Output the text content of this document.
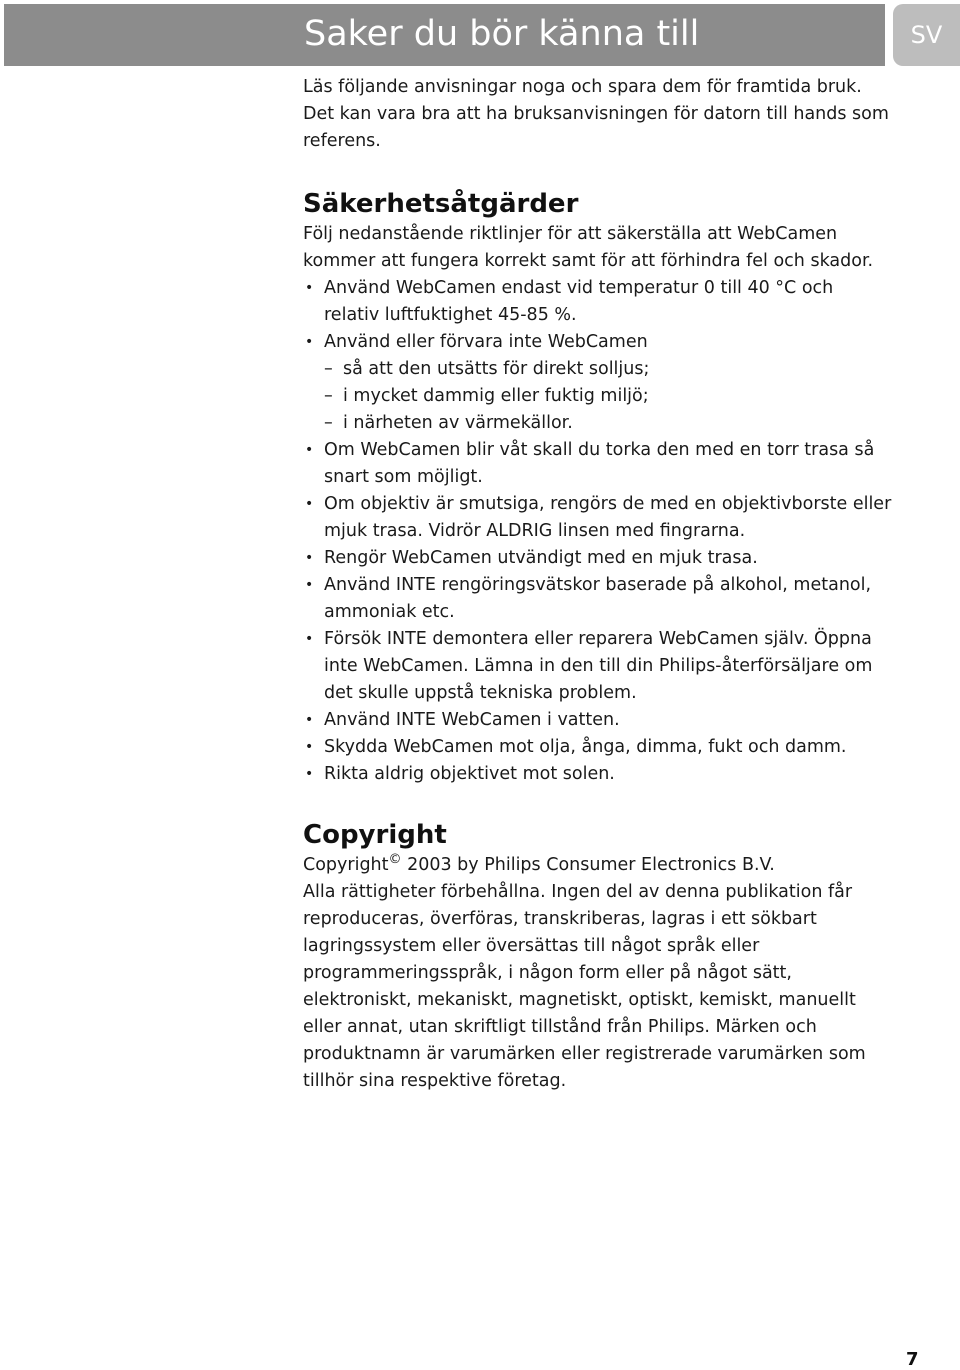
Saker du bör känna till	SV

Läs följande anvisningar noga och spara dem för framtida bruk. Det kan vara bra att ha bruksanvisningen för datorn till hands som referens.

Säkerhetsåtgärder

Följ nedanstående riktlinjer för att säkerställa att WebCamen kommer att fungera korrekt samt för att förhindra fel och skador.

• Använd WebCamen endast vid temperatur 0 till 40 °C och relativ luftfuktighet 45-85 %.
• Använd eller förvara inte WebCamen
– så att den utsätts för direkt solljus;
– i mycket dammig eller fuktig miljö;
– i närheten av värmekällor.
• Om WebCamen blir våt skall du torka den med en torr trasa så snart som möjligt.
• Om objektiv är smutsiga, rengörs de med en objektivborste eller mjuk trasa. Vidrör ALDRIG linsen med fingrarna.
• Rengör WebCamen utvändigt med en mjuk trasa.
• Använd INTE rengöringsvätskor baserade på alkohol, metanol, ammoniak etc.
• Försök INTE demontera eller reparera WebCamen själv. Öppna inte WebCamen. Lämna in den till din Philips-återförsäljare om det skulle uppstå tekniska problem.
• Använd INTE WebCamen i vatten.
• Skydda WebCamen mot olja, ånga, dimma, fukt och damm.
• Rikta aldrig objektivet mot solen.
Copyright

Copyright© 2003 by Philips Consumer Electronics B.V.

Alla rättigheter förbehållna. Ingen del av denna publikation får reproduceras, överföras, transkriberas, lagras i ett sökbart lagringssystem eller översättas till något språk eller programmeringsspråk, i någon form eller på något sätt, elektroniskt, mekaniskt, magnetiskt, optiskt, kemiskt, manuellt eller annat, utan skriftligt tillstånd från Philips. Märken och produktnamn är varumärken eller registrerade varumärken som tillhör sina respektive företag.

7
